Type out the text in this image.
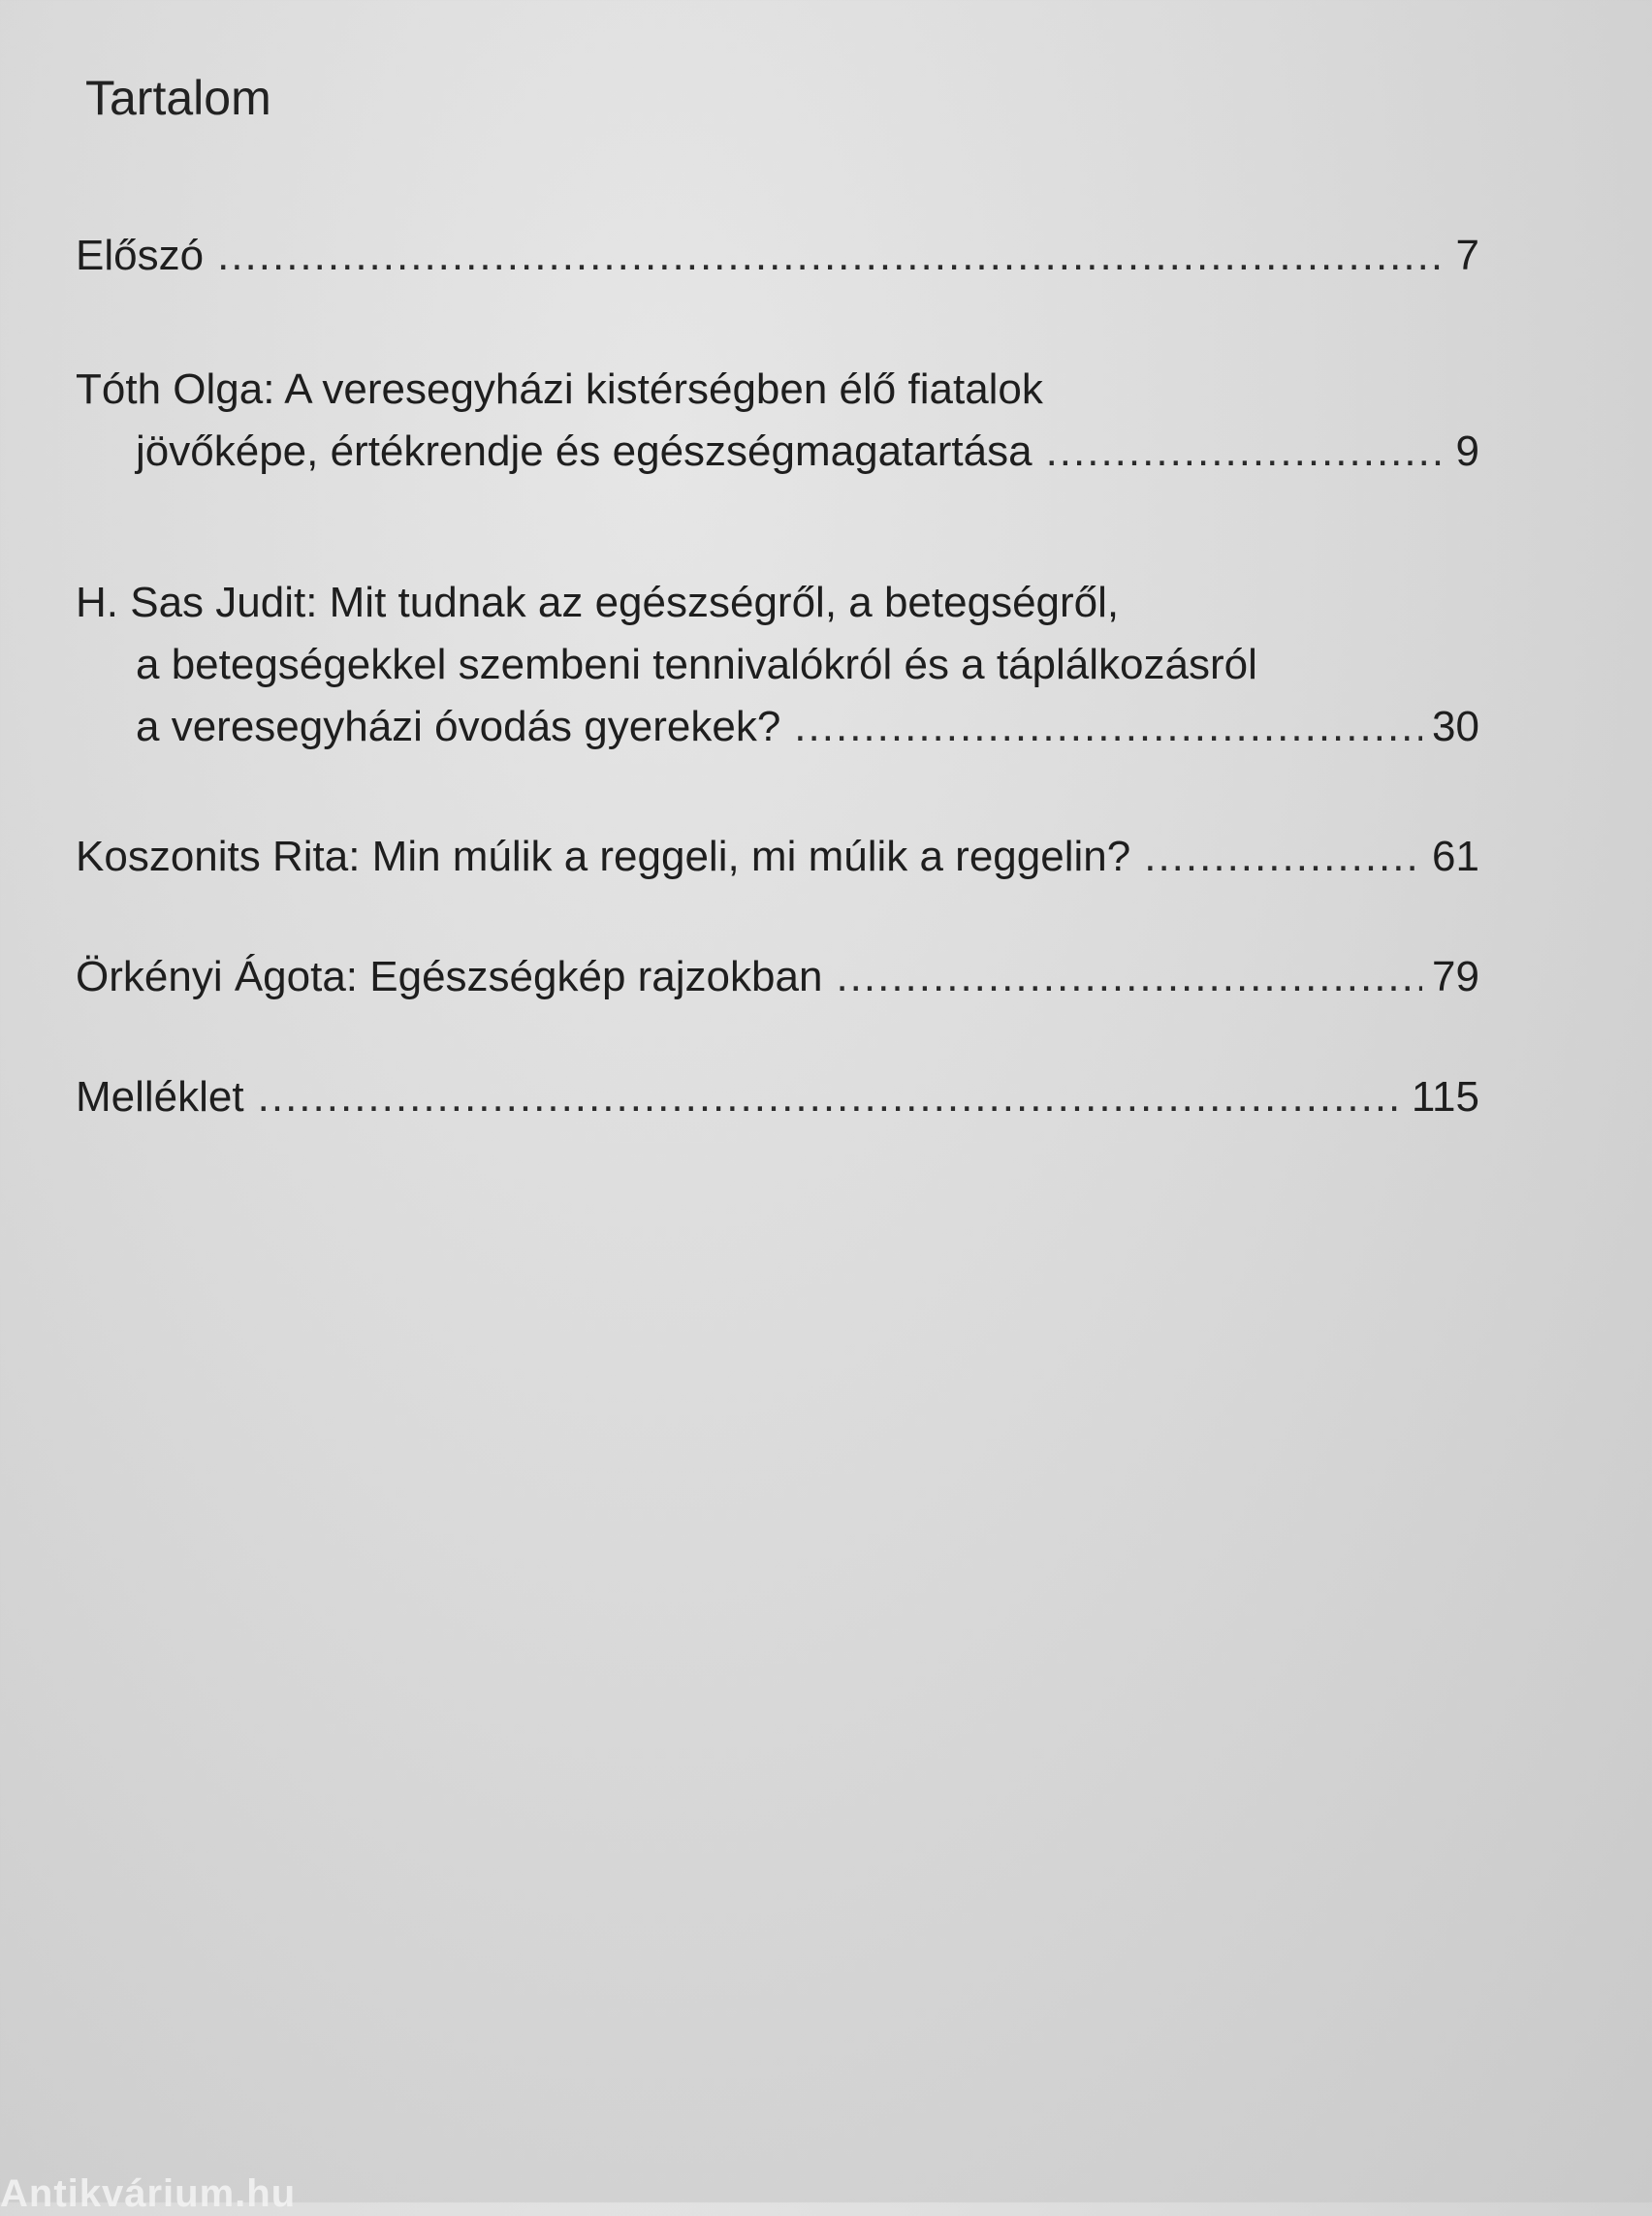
Tartalom
Előszó .....	7
Tóth Olga: A veresegyházi kistérségben élő fiatalok
jövőképe, értékrendje és egészségmagatartása .....	9
H. Sas Judit: Mit tudnak az egészségről, a betegségről,
a betegségekkel szembeni tennivalókról és a táplálkozásról
a veresegyházi óvodás gyerekek? .....	30
Koszonits Rita: Min múlik a reggeli, mi múlik a reggelin? .....	61
Örkényi Ágota: Egészségkép rajzokban .....	79
Melléklet .....	115
Antikvárium.hu
